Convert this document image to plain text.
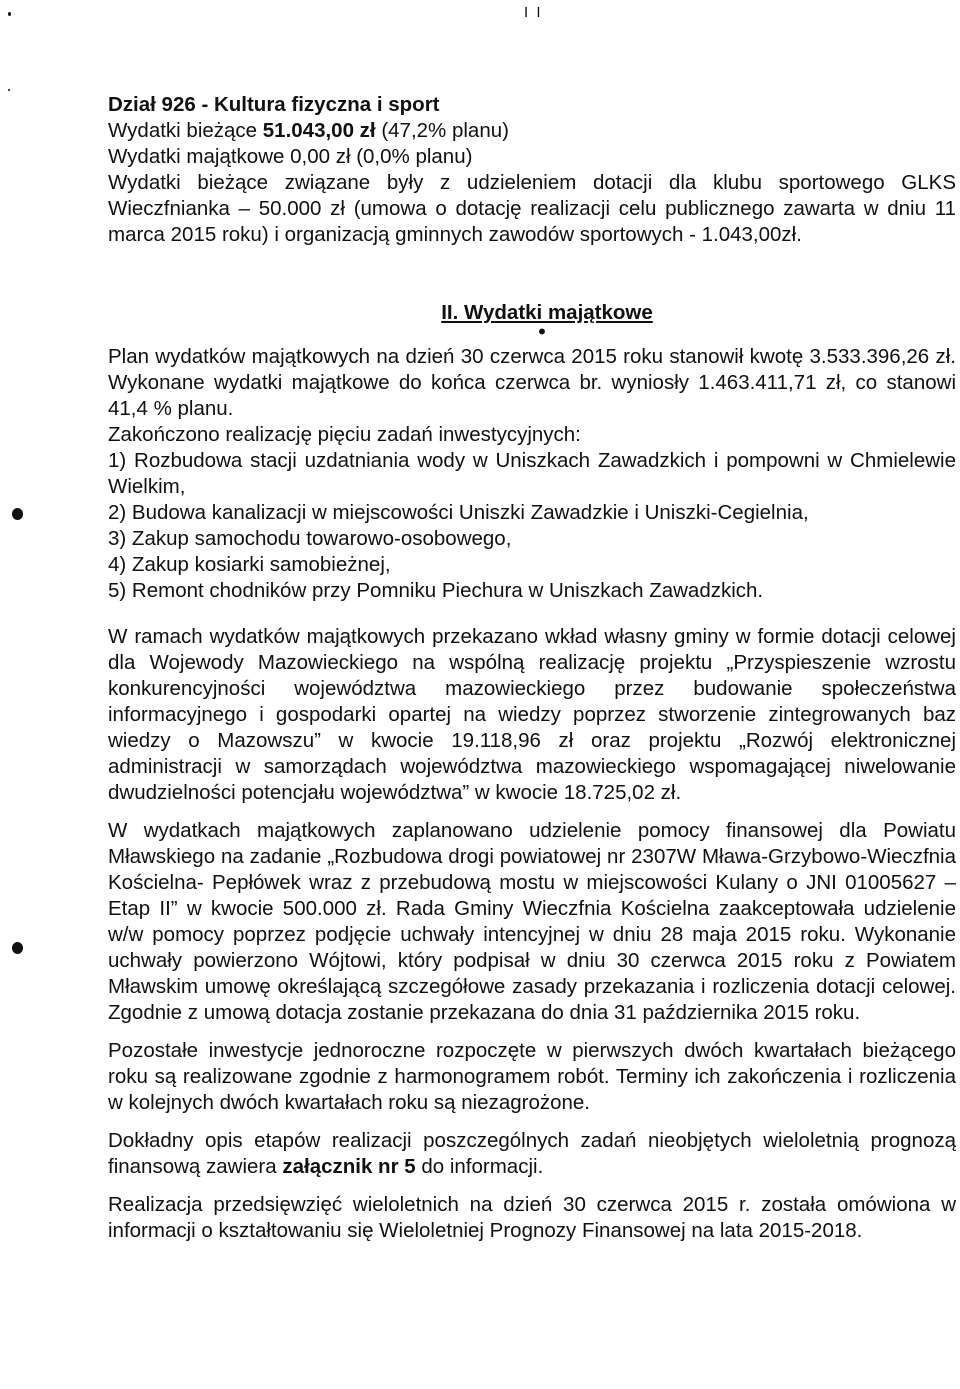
I I

Dział 926 - Kultura fizyczna i sport

Wydatki bieżące 51.043,00 zł (47,2% planu)

Wydatki majątkowe 0,00 zł (0,0% planu)

Wydatki bieżące związane były z udzieleniem dotacji dla klubu sportowego GLKS Wieczfnianka – 50.000 zł (umowa o dotację realizacji celu publicznego zawarta w dniu 11 marca 2015 roku) i organizacją gminnych zawodów sportowych - 1.043,00zł.

II. Wydatki majątkowe
•

Plan wydatków majątkowych na dzień 30 czerwca 2015 roku stanowił kwotę 3.533.396,26 zł. Wykonane wydatki majątkowe do końca czerwca br. wyniosły 1.463.411,71 zł, co stanowi 41,4 % planu.

Zakończono realizację pięciu zadań inwestycyjnych:

1) Rozbudowa stacji uzdatniania wody w Uniszkach Zawadzkich i pompowni w Chmielewie Wielkim,
2) Budowa kanalizacji w miejscowości Uniszki Zawadzkie i Uniszki-Cegielnia,
3) Zakup samochodu towarowo-osobowego,
4) Zakup kosiarki samobieżnej,
5) Remont chodników przy Pomniku Piechura w Uniszkach Zawadzkich.

W ramach wydatków majątkowych przekazano wkład własny gminy w formie dotacji celowej dla Wojewody Mazowieckiego na wspólną realizację projektu „Przyspieszenie wzrostu konkurencyjności województwa mazowieckiego przez budowanie społeczeństwa informacyjnego i gospodarki opartej na wiedzy poprzez stworzenie zintegrowanych baz wiedzy o Mazowszu” w kwocie 19.118,96 zł oraz projektu „Rozwój elektronicznej administracji w samorządach województwa mazowieckiego wspomagającej niwelowanie dwudzielności potencjału województwa” w kwocie 18.725,02 zł.

W wydatkach majątkowych zaplanowano udzielenie pomocy finansowej dla Powiatu Mławskiego na zadanie „Rozbudowa drogi powiatowej nr 2307W Mława-Grzybowo-Wieczfnia Kościelna- Pepłówek wraz z przebudową mostu w miejscowości Kulany o JNI 01005627 – Etap II” w kwocie 500.000 zł. Rada Gminy Wieczfnia Kościelna zaakceptowała udzielenie w/w pomocy poprzez podjęcie uchwały intencyjnej w dniu 28 maja 2015 roku. Wykonanie uchwały powierzono Wójtowi, który podpisał w dniu 30 czerwca 2015 roku z Powiatem Mławskim umowę określającą szczegółowe zasady przekazania i rozliczenia dotacji celowej. Zgodnie z umową dotacja zostanie przekazana do dnia 31 października 2015 roku.

Pozostałe inwestycje jednoroczne rozpoczęte w pierwszych dwóch kwartałach bieżącego roku są realizowane zgodnie z harmonogramem robót. Terminy ich zakończenia i rozliczenia w kolejnych dwóch kwartałach roku są niezagrożone.

Dokładny opis etapów realizacji poszczególnych zadań nieobjętych wieloletnią prognozą finansową zawiera załącznik nr 5 do informacji.

Realizacja przedsięwzięć wieloletnich na dzień 30 czerwca 2015 r. została omówiona w informacji o kształtowaniu się Wieloletniej Prognozy Finansowej na lata 2015-2018.
